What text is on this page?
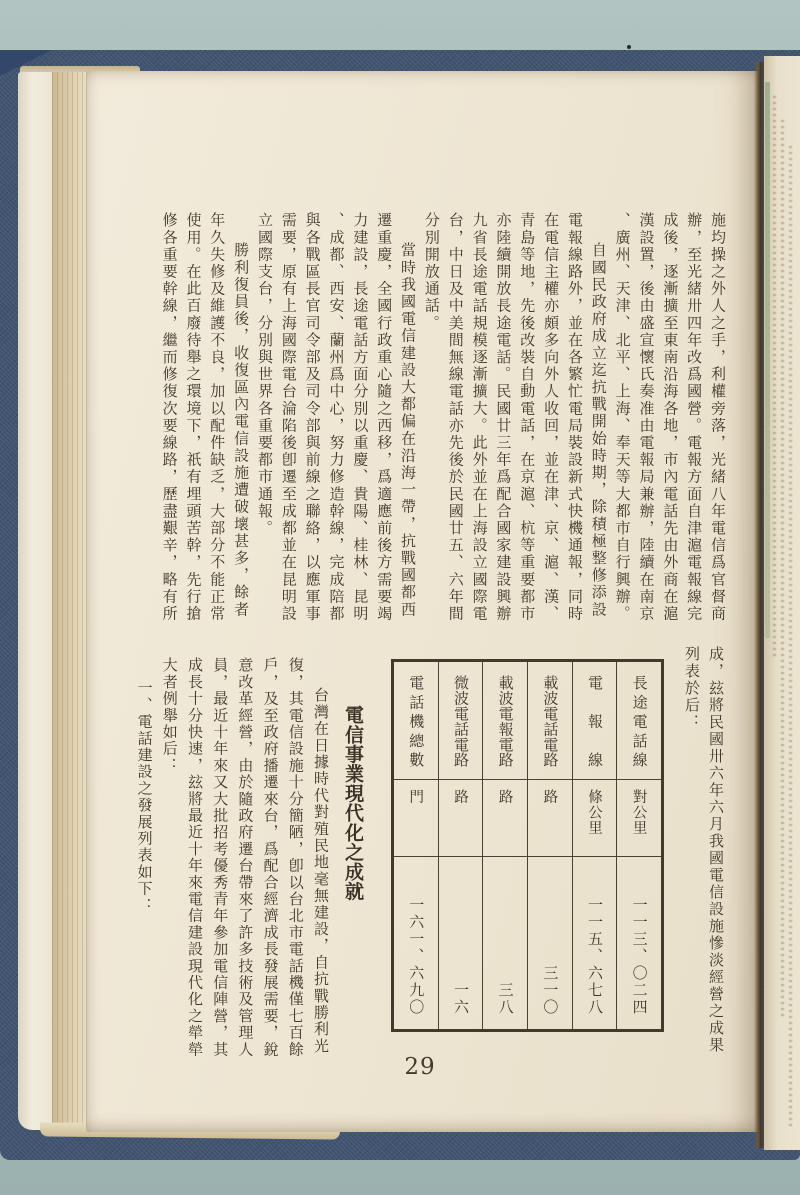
施均操之外人之手，利權旁落，光緒八年電信爲官督商辦，至光緒卅四年改爲國營。電報方面自津滬電報線完成後，逐漸擴至東南沿海各地，市內電話先由外商在滬漢設置，後由盛宣懷氏奏准由電報局兼辦，陸續在南京、廣州、天津、北平、上海、奉天等大都市自行興辦。

自國民政府成立迄抗戰開始時期，除積極整修添設電報線路外，並在各繁忙電局裝設新式快機通報，同時在電信主權亦頗多向外人收回，並在津、京、滬、漢、青島等地，先後改裝自動電話，在京滬、杭等重要都市亦陸續開放長途電話。民國廿三年爲配合國家建設興辦九省長途電話規模逐漸擴大。此外並在上海設立國際電台，中日及中美間無線電話亦先後於民國廿五、六年間分別開放通話。

當時我國電信建設大都偏在沿海一帶，抗戰國都西遷重慶，全國行政重心隨之西移，爲適應前後方需要竭力建設，長途電話方面分別以重慶、貴陽、桂林、昆明、成都、西安、蘭州爲中心，努力修造幹線，完成陪都與各戰區長官司令部及司令部與前線之聯絡，以應軍事需要，原有上海國際電台淪陷後卽遷至成都並在昆明設立國際支台，分別與世界各重要都市通報。

勝利復員後，收復區內電信設施遭破壞甚多，餘者年久失修及維護不良，加以配件缺乏，大部分不能正常使用。在此百廢待舉之環境下，祇有埋頭苦幹，先行搶修各重要幹線，繼而修復次要線路，歷盡艱辛，略有所

成，玆將民國卅六年六月我國電信設施慘淡經營之成果列表於后：

長途電話線
對公里
一一三、〇二四
電報線
條公里
一一五、六七八
載波電話電路
路
三一〇
載波電報電路
路
三八
微波電話電路
路
一六
電話機總數
門
一六一、六九〇
電信事業現代化之成就

台灣在日據時代對殖民地毫無建設，自抗戰勝利光復，其電信設施十分簡陋，卽以台北市電話機僅七百餘戶，及至政府播遷來台，爲配合經濟成長發展需要，銳意改革經營，由於隨政府遷台帶來了許多技術及管理人員，最近十年來又大批招考優秀青年參加電信陣營，其成長十分快速，玆將最近十年來電信建設現代化之犖犖大者例舉如后：

一、電話建設之發展列表如下：

29
